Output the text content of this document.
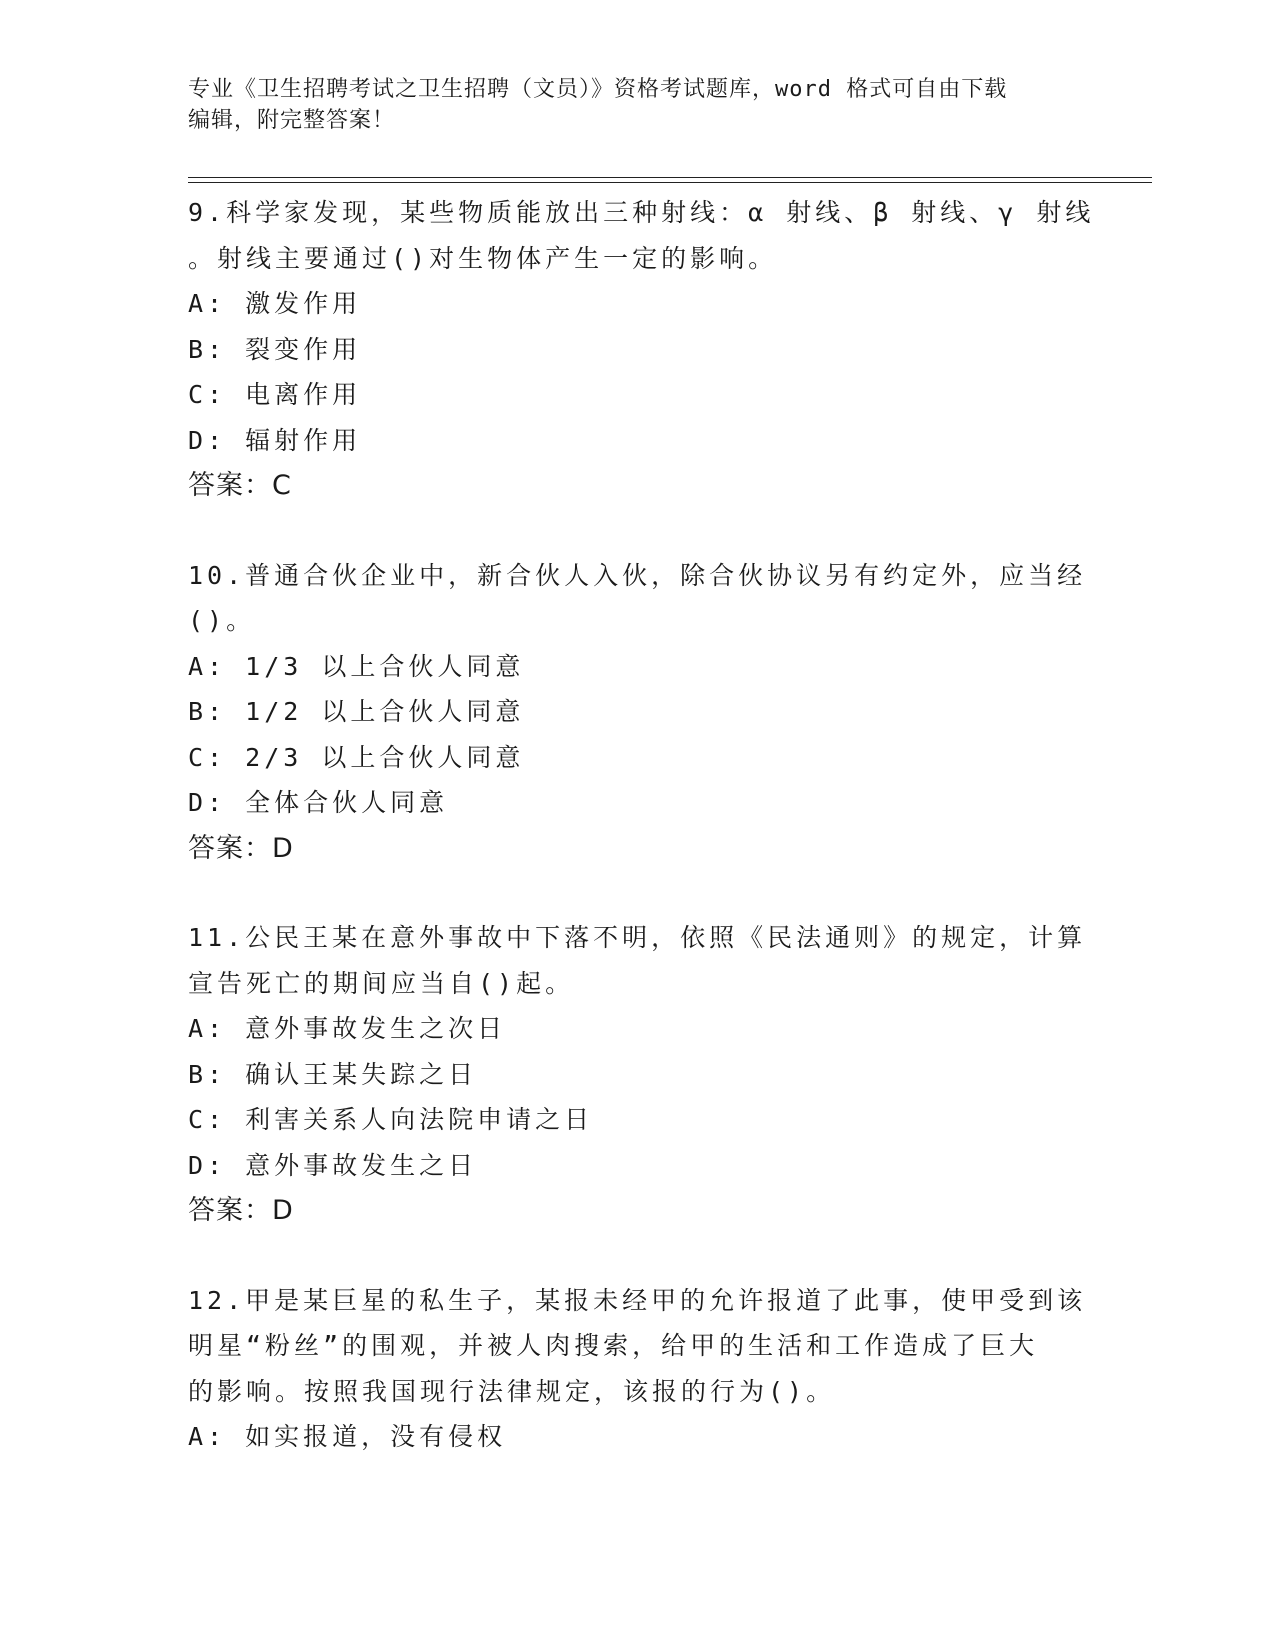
专业《卫生招聘考试之卫生招聘（文员）》资格考试题库，word 格式可自由下载
编辑，附完整答案！
9.科学家发现，某些物质能放出三种射线：α 射线、β 射线、γ 射线
。射线主要通过()对生物体产生一定的影响。
A: 激发作用
B: 裂变作用
C: 电离作用
D: 辐射作用
答案：C
10.普通合伙企业中，新合伙人入伙，除合伙协议另有约定外，应当经
()。
A: 1/3 以上合伙人同意
B: 1/2 以上合伙人同意
C: 2/3 以上合伙人同意
D: 全体合伙人同意
答案：D
11.公民王某在意外事故中下落不明，依照《民法通则》的规定，计算
宣告死亡的期间应当自()起。
A: 意外事故发生之次日
B: 确认王某失踪之日
C: 利害关系人向法院申请之日
D: 意外事故发生之日
答案：D
12.甲是某巨星的私生子，某报未经甲的允许报道了此事，使甲受到该
明星“粉丝”的围观，并被人肉搜索，给甲的生活和工作造成了巨大
的影响。按照我国现行法律规定，该报的行为()。
A: 如实报道，没有侵权
